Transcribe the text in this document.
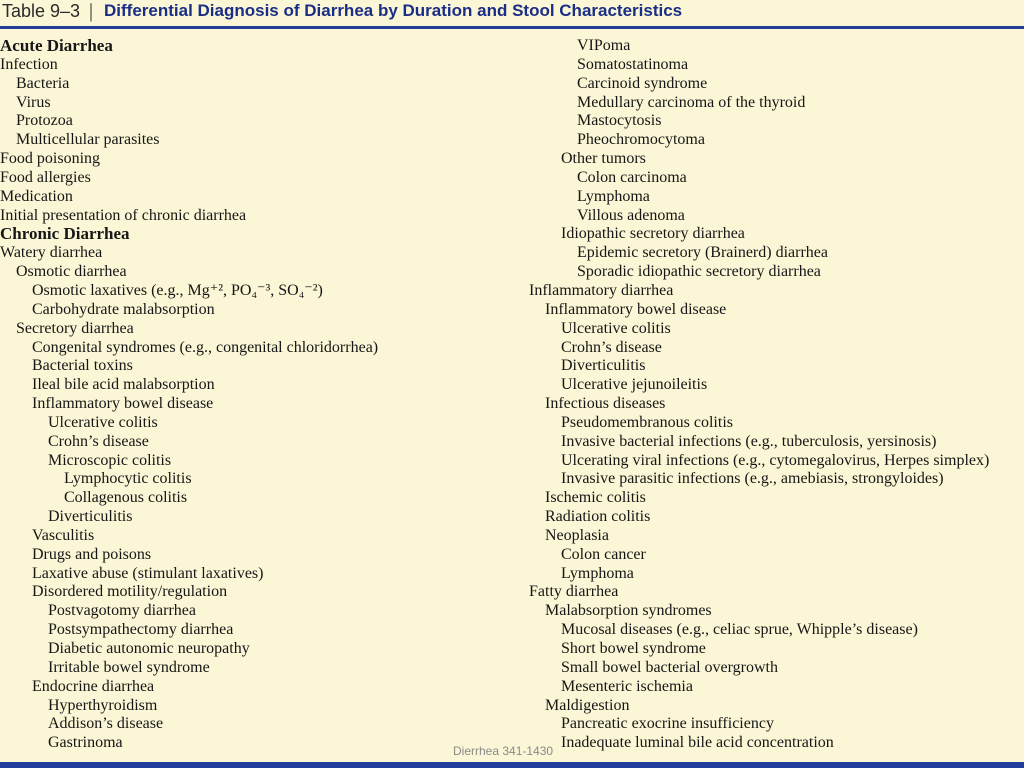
Table 9–3 | Differential Diagnosis of Diarrhea by Duration and Stool Characteristics
Acute Diarrhea
Infection
Bacteria
Virus
Protozoa
Multicellular parasites
Food poisoning
Food allergies
Medication
Initial presentation of chronic diarrhea
Chronic Diarrhea
Watery diarrhea
Osmotic diarrhea
Osmotic laxatives (e.g., Mg⁺², PO₄⁻³, SO₄⁻²)
Carbohydrate malabsorption
Secretory diarrhea
Congenital syndromes (e.g., congenital chloridorrhea)
Bacterial toxins
Ileal bile acid malabsorption
Inflammatory bowel disease
Ulcerative colitis
Crohn’s disease
Microscopic colitis
Lymphocytic colitis
Collagenous colitis
Diverticulitis
Vasculitis
Drugs and poisons
Laxative abuse (stimulant laxatives)
Disordered motility/regulation
Postvagotomy diarrhea
Postsympathectomy diarrhea
Diabetic autonomic neuropathy
Irritable bowel syndrome
Endocrine diarrhea
Hyperthyroidism
Addison’s disease
Gastrinoma
VIPoma
Somatostatinoma
Carcinoid syndrome
Medullary carcinoma of the thyroid
Mastocytosis
Pheochromocytoma
Other tumors
Colon carcinoma
Lymphoma
Villous adenoma
Idiopathic secretory diarrhea
Epidemic secretory (Brainerd) diarrhea
Sporadic idiopathic secretory diarrhea
Inflammatory diarrhea
Inflammatory bowel disease
Ulcerative colitis
Crohn’s disease
Diverticulitis
Ulcerative jejunoileitis
Infectious diseases
Pseudomembranous colitis
Invasive bacterial infections (e.g., tuberculosis, yersinosis)
Ulcerating viral infections (e.g., cytomegalovirus, Herpes simplex)
Invasive parasitic infections (e.g., amebiasis, strongyloides)
Ischemic colitis
Radiation colitis
Neoplasia
Colon cancer
Lymphoma
Fatty diarrhea
Malabsorption syndromes
Mucosal diseases (e.g., celiac sprue, Whipple’s disease)
Short bowel syndrome
Small bowel bacterial overgrowth
Mesenteric ischemia
Maldigestion
Pancreatic exocrine insufficiency
Inadequate luminal bile acid concentration
Dierrhea 341-1430
